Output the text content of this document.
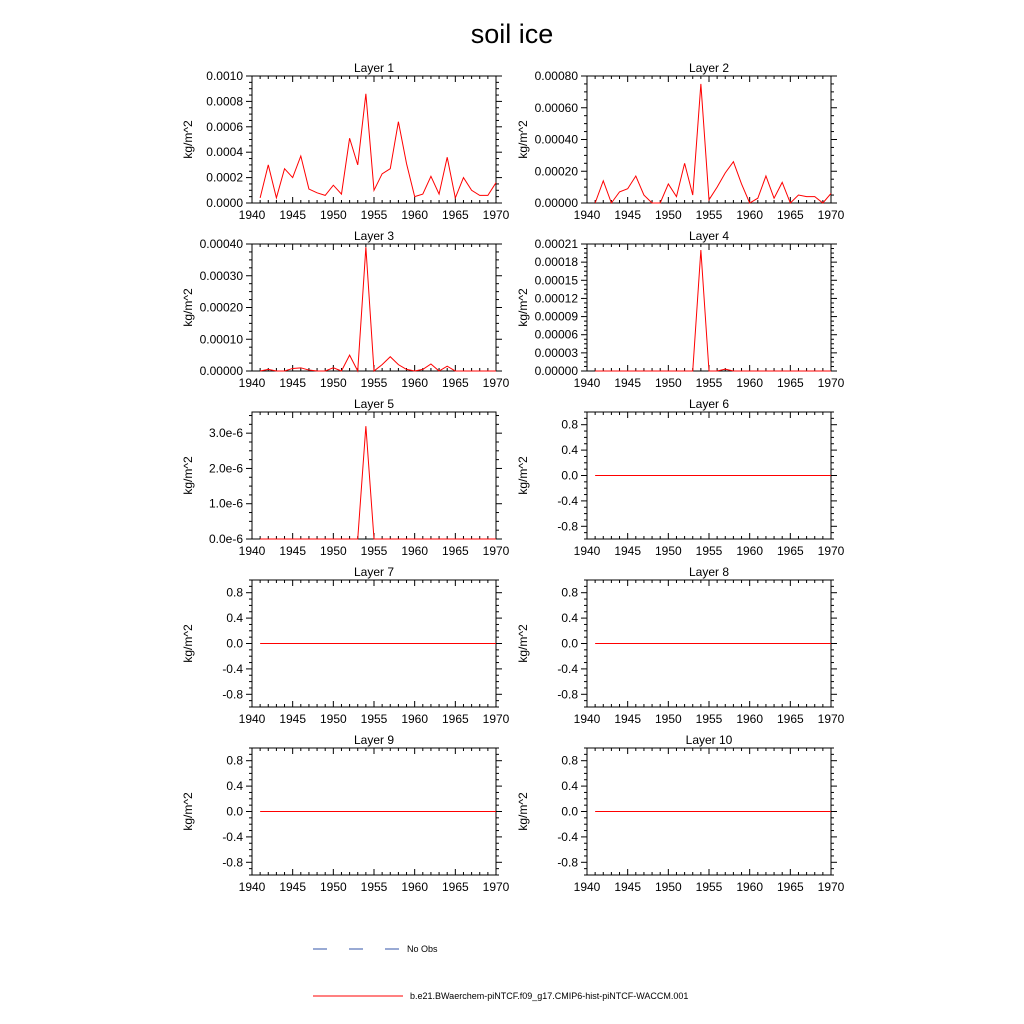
soil ice
Layer 1
1940 1945 1950 1955 1960 1965 1970
0.0000
0.0002
0.0004
0.0006
0.0008
0.0010
kg/m^2
Layer 2
1940 1945 1950 1955 1960 1965 1970
0.00000
0.00020
0.00040
0.00060
0.00080
kg/m^2
Layer 3
1940 1945 1950 1955 1960 1965 1970
0.00000
0.00010
0.00020
0.00030
0.00040
kg/m^2
Layer 4
1940 1945 1950 1955 1960 1965 1970
0.00000
0.00003
0.00006
0.00009
0.00012
0.00015
0.00018
0.00021
kg/m^2
Layer 5
1940 1945 1950 1955 1960 1965 1970
0.0e-6
1.0e-6
2.0e-6
3.0e-6
kg/m^2
Layer 6
1940 1945 1950 1955 1960 1965 1970
-0.8
-0.4
0.0
0.4
0.8
kg/m^2
Layer 7
1940 1945 1950 1955 1960 1965 1970
-0.8
-0.4
0.0
0.4
0.8
kg/m^2
Layer 8
1940 1945 1950 1955 1960 1965 1970
-0.8
-0.4
0.0
0.4
0.8
kg/m^2
Layer 9
1940 1945 1950 1955 1960 1965 1970
-0.8
-0.4
0.0
0.4
0.8
kg/m^2
Layer 10
1940 1945 1950 1955 1960 1965 1970
-0.8
-0.4
0.0
0.4
0.8
kg/m^2
No Obs
b.e21.BWaerchem-piNTCF.f09_g17.CMIP6-hist-piNTCF-WACCM.001
